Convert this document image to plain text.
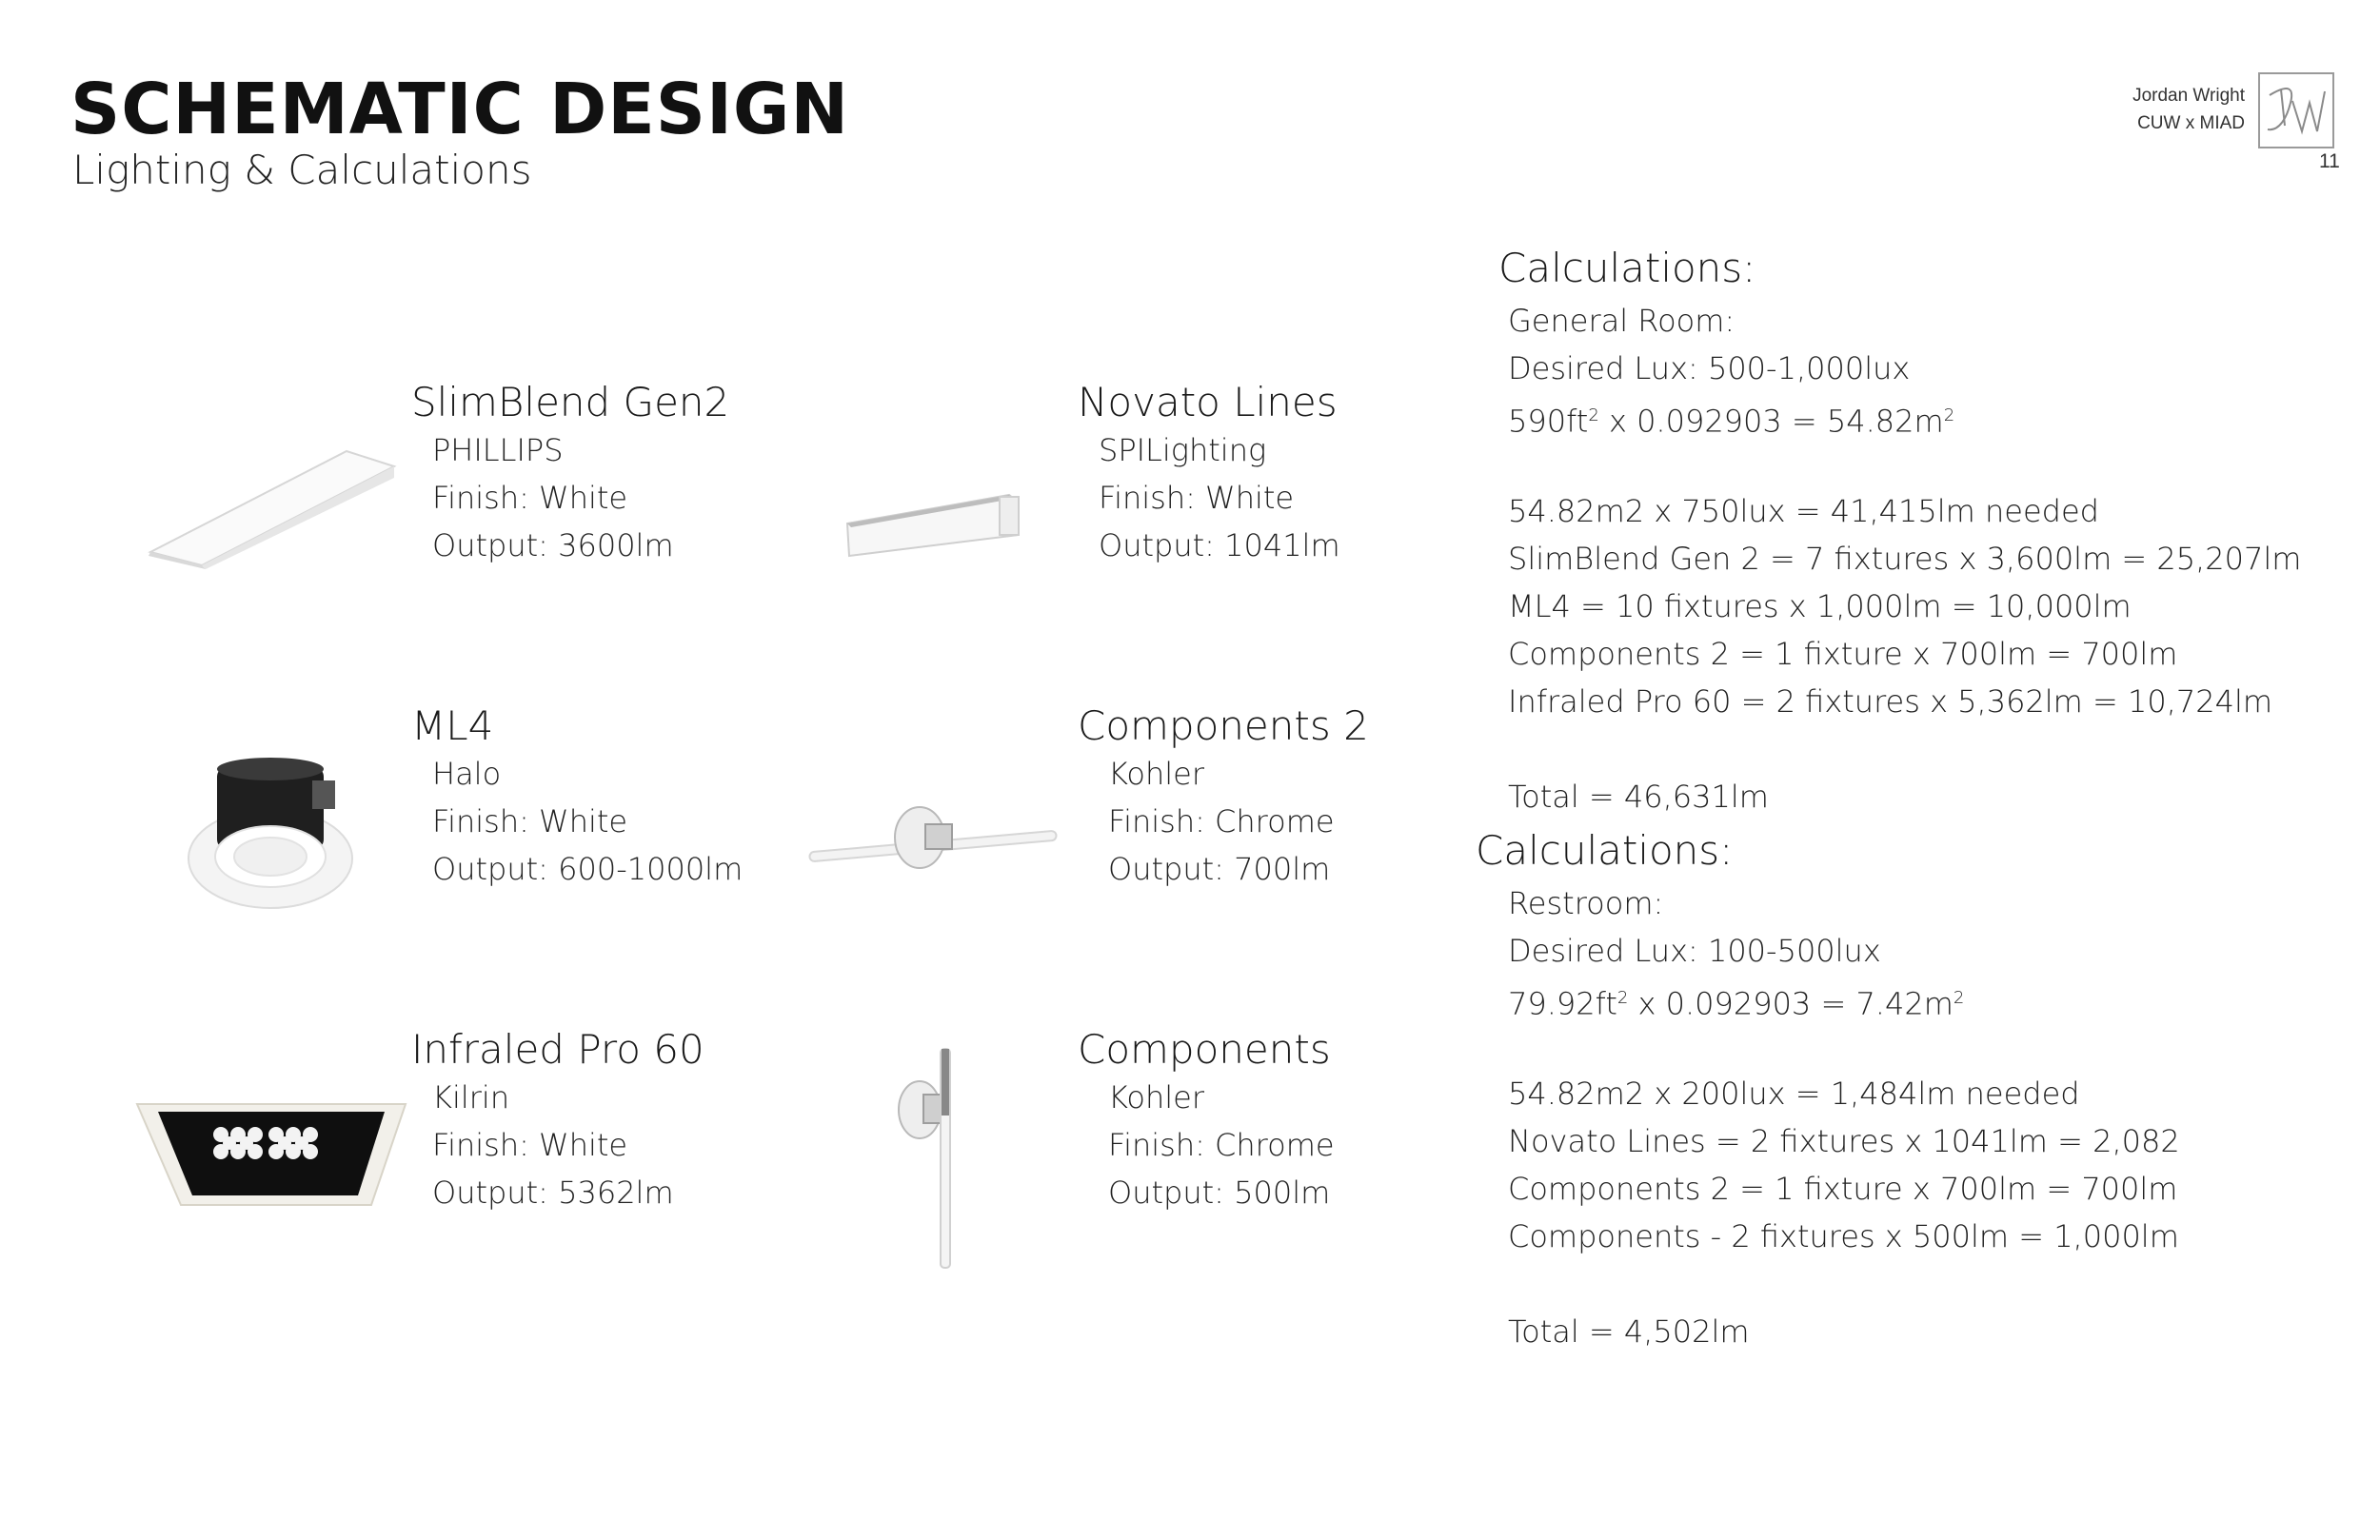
SCHEMATIC DESIGN
Lighting & Calculations
Jordan Wright
CUW x MIAD
11
SlimBlend Gen2
PHILLIPS
Finish: White
Output: 3600lm
Novato Lines
SPILighting
Finish: White
Output: 1041lm
ML4
Halo
Finish: White
Output: 600-1000lm
Components 2
Kohler
Finish: Chrome
Output: 700lm
Infraled Pro 60
Kilrin
Finish: White
Output: 5362lm
Components
Kohler
Finish: Chrome
Output: 500lm
Calculations:
General Room:
Desired Lux: 500-1,000lux
$590ft^2$ x $0.092903 = 54.82m^2$
54.82m2 x 750lux = 41,415lm needed
SlimBlend Gen 2 = 7 fixtures x 3,600lm = 25,207lm
ML4 = 10 fixtures x 1,000lm = 10,000lm
Components 2 = 1 fixture x 700lm = 700lm
Infraled Pro 60 = 2 fixtures x 5,362lm = 10,724lm
Total = 46,631lm
Calculations:
Restroom:
Desired Lux: 100-500lux
$79.92ft^2$ x $0.092903 = 7.42m^2$
54.82m2 x 200lux = 1,484lm needed
Novato Lines = 2 fixtures x 1041lm = 2,082
Components 2 = 1 fixture x 700lm = 700lm
Components - 2 fixtures x 500lm = 1,000lm
Total = 4,502lm
